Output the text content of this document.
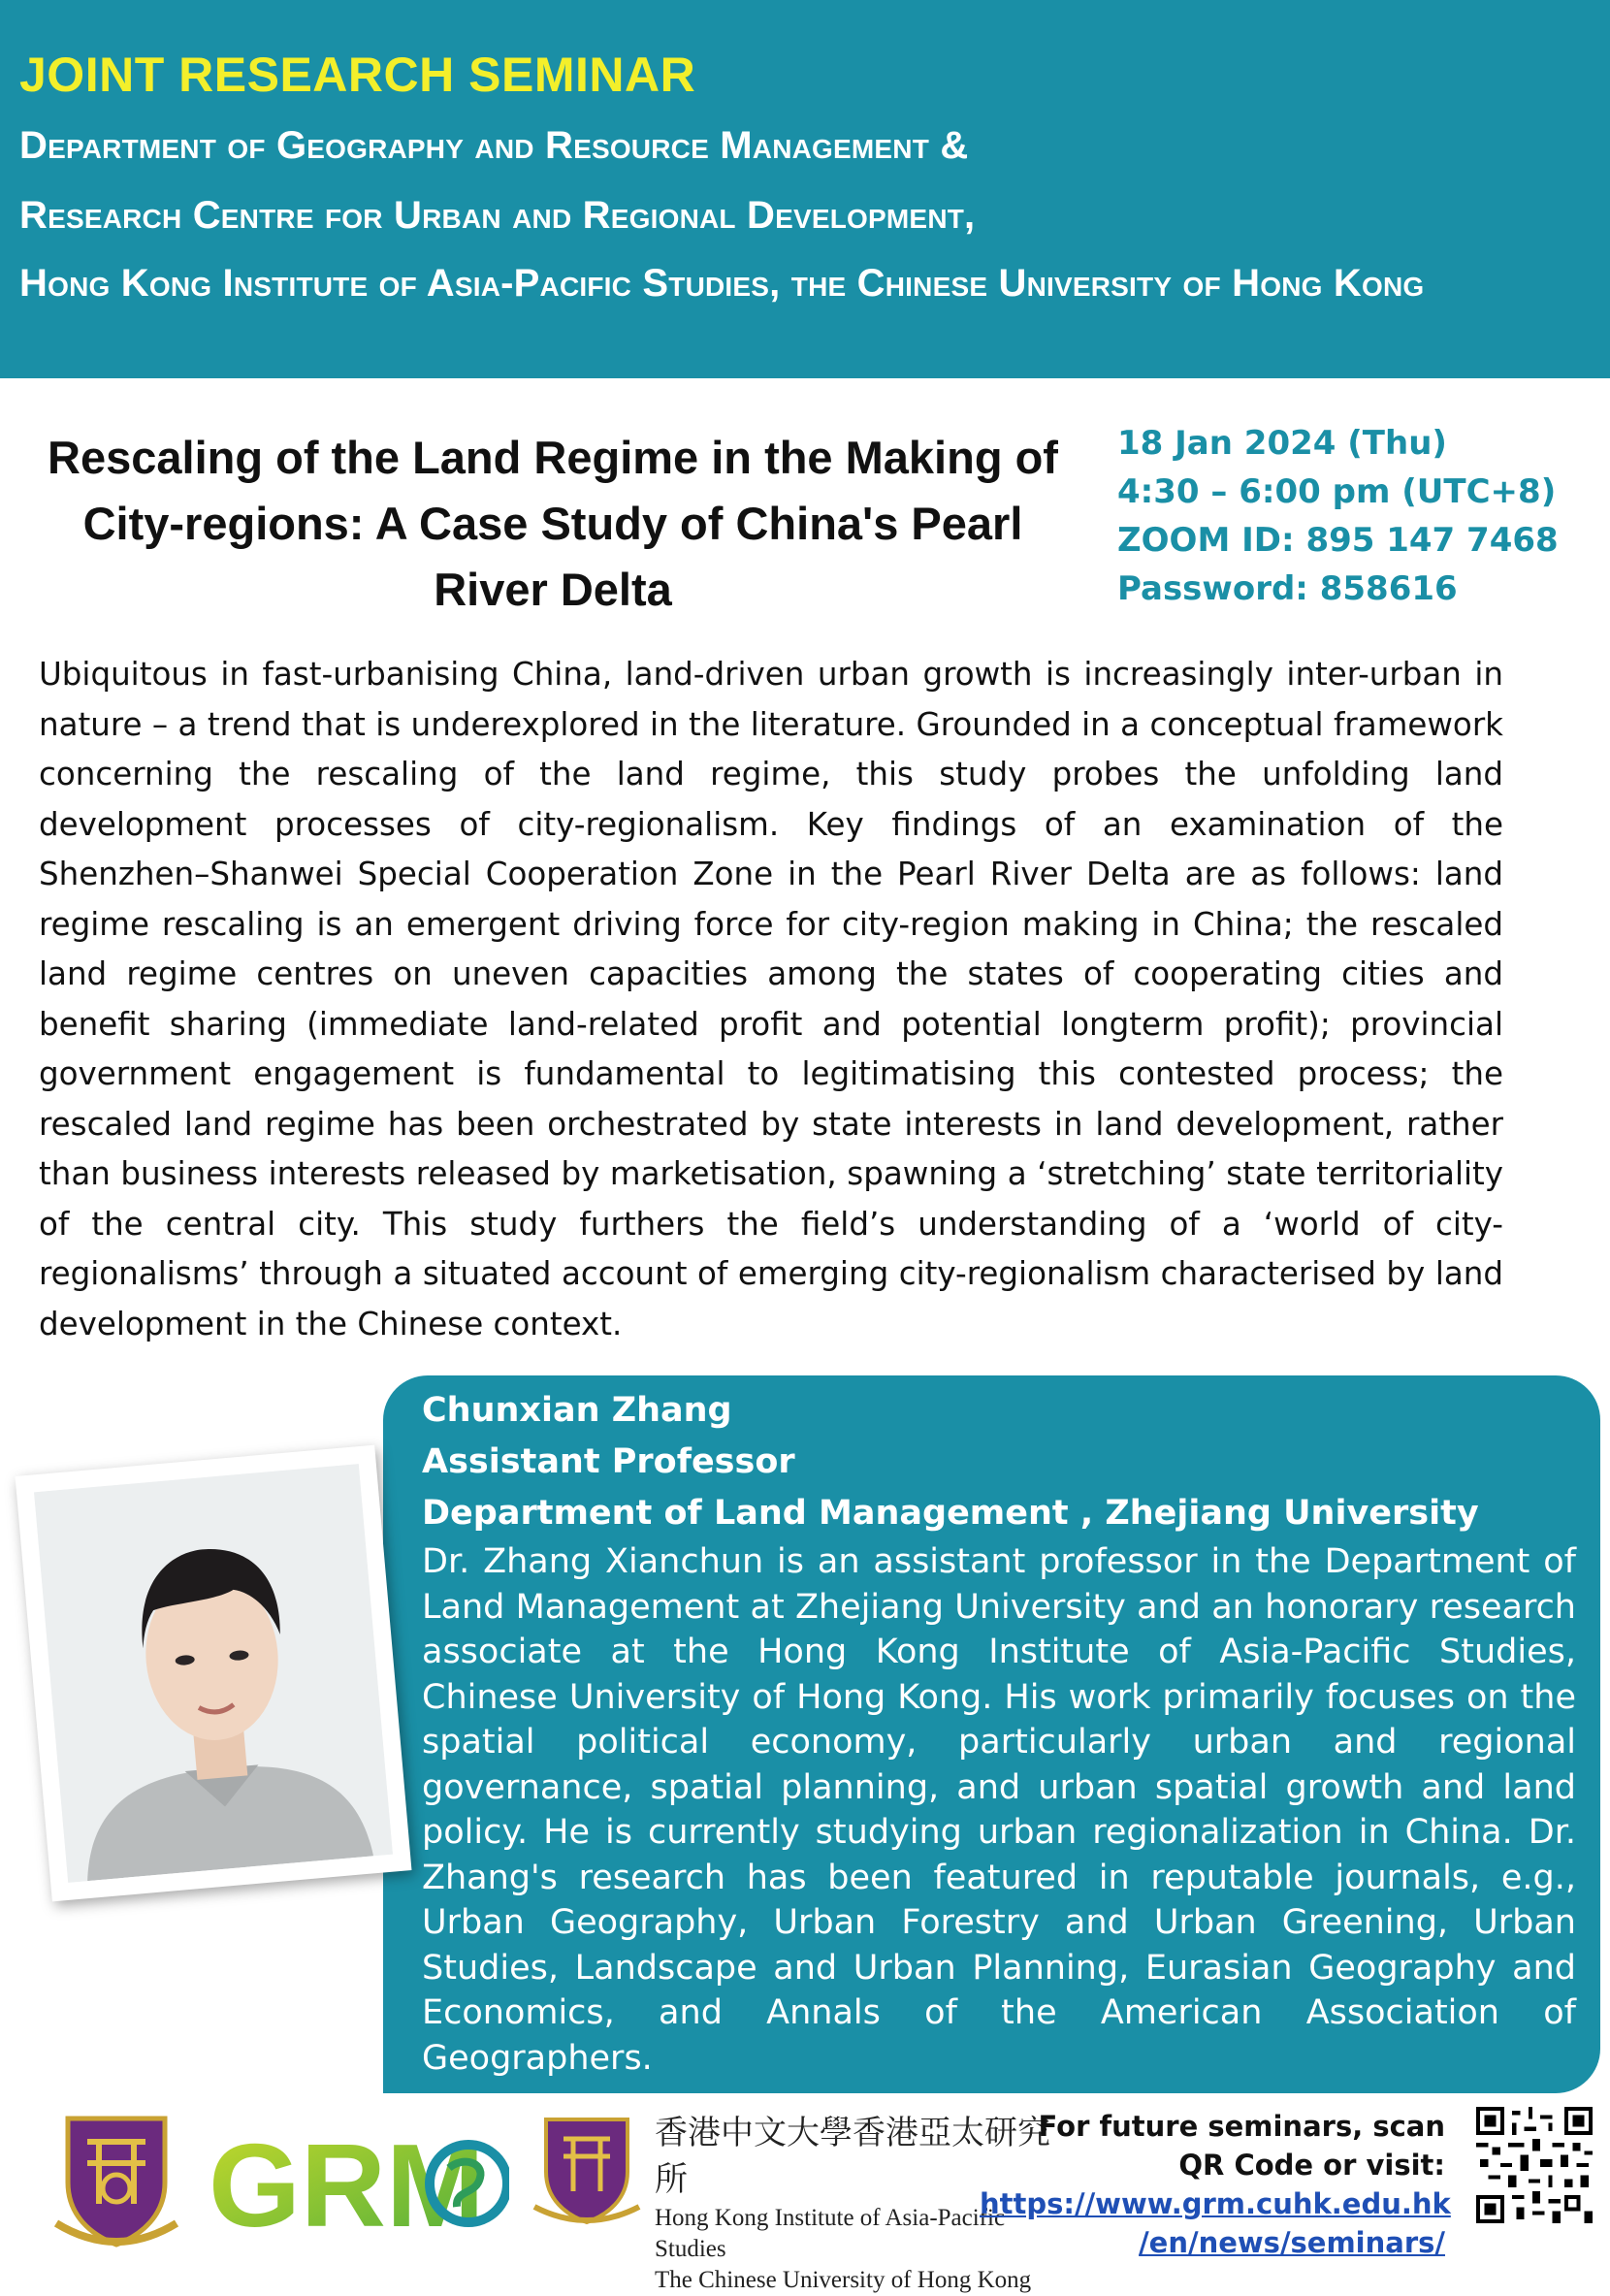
JOINT RESEARCH SEMINAR
Department of Geography and Resource Management &
Research Centre for Urban and Regional Development,
Hong Kong Institute of Asia-Pacific Studies, the Chinese University of Hong Kong
Rescaling of the Land Regime in the Making of City-regions: A Case Study of China's Pearl River Delta
18 Jan 2024 (Thu)
4:30 – 6:00 pm (UTC+8)
ZOOM ID: 895 147 7468
Password: 858616
Ubiquitous in fast-urbanising China, land-driven urban growth is increasingly inter-urban in nature – a trend that is underexplored in the literature. Grounded in a conceptual framework concerning the rescaling of the land regime, this study probes the unfolding land development processes of city-regionalism. Key findings of an examination of the Shenzhen–Shanwei Special Cooperation Zone in the Pearl River Delta are as follows: land regime rescaling is an emergent driving force for city-region making in China; the rescaled land regime centres on uneven capacities among the states of cooperating cities and benefit sharing (immediate land-related profit and potential longterm profit); provincial government engagement is fundamental to legitimatising this contested process; the rescaled land regime has been orchestrated by state interests in land development, rather than business interests released by marketisation, spawning a ‘stretching’ state territoriality of the central city. This study furthers the field’s understanding of a ‘world of city-regionalisms’ through a situated account of emerging city-regionalism characterised by land development in the Chinese context.
Chunxian Zhang
Assistant Professor
Department of Land Management , Zhejiang University
Dr. Zhang Xianchun is an assistant professor in the Department of Land Management at Zhejiang University and an honorary research associate at the Hong Kong Institute of Asia-Pacific Studies, Chinese University of Hong Kong. His work primarily focuses on the spatial political economy, particularly urban and regional governance, spatial planning, and urban spatial growth and land policy. He is currently studying urban regionalization in China. Dr. Zhang's research has been featured in reputable journals, e.g., Urban Geography, Urban Forestry and Urban Greening, Urban Studies, Landscape and Urban Planning, Eurasian Geography and Economics, and Annals of the American Association of Geographers.
GRM	香港中文大學香港亞太研究所
Hong Kong Institute of Asia-Pacific Studies
The Chinese University of Hong Kong
For future seminars, scan
QR Code or visit:
https://www.grm.cuhk.edu.hk
/en/news/seminars/
